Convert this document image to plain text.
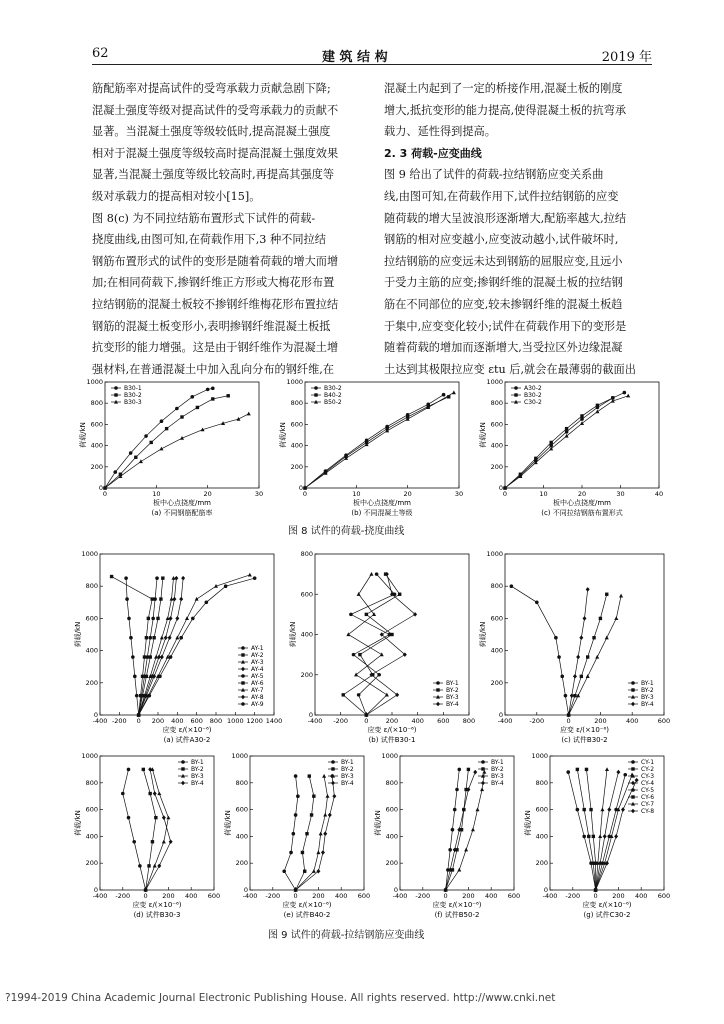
62	建 筑 结 构	2019 年

筋配筋率对提高试件的受弯承载力贡献急剧下降;

混凝土强度等级对提高试件的受弯承载力的贡献不

显著。当混凝土强度等级较低时,提高混凝土强度

相对于混凝土强度等级较高时提高混凝土强度效果

显著,当混凝土强度等级比较高时,再提高其强度等

级对承载力的提高相对较小[15]。

图 8(c) 为不同拉结筋布置形式下试件的荷载-

挠度曲线,由图可知,在荷载作用下,3 种不同拉结

钢筋布置形式的试件的变形是随着荷载的增大而增

加;在相同荷载下,掺钢纤维正方形或大梅花形布置

拉结钢筋的混凝土板较不掺钢纤维梅花形布置拉结

钢筋的混凝土板变形小,表明掺钢纤维混凝土板抵

抗变形的能力增强。这是由于钢纤维作为混凝土增

强材料,在普通混凝土中加入乱向分布的钢纤维,在

混凝土内起到了一定的桥接作用,混凝土板的刚度

增大,抵抗变形的能力提高,使得混凝土板的抗弯承

载力、延性得到提高。

2. 3 荷载-应变曲线

图 9 给出了试件的荷载-拉结钢筋应变关系曲

线,由图可知,在荷载作用下,试件拉结钢筋的应变

随荷载的增大呈波浪形逐渐增大,配筋率越大,拉结

钢筋的相对应变越小,应变波动越小,试件破坏时,

拉结钢筋的应变远未达到钢筋的屈服应变,且远小

于受力主筋的应变;掺钢纤维的混凝土板的拉结钢

筋在不同部位的应变,较未掺钢纤维的混凝土板趋

于集中,应变变化较小;试件在荷载作用下的变形是

随着荷载的增加而逐渐增大,当受拉区外边缘混凝

土达到其极限拉应变 εtu 后,就会在最薄弱的截面出

0	10	20	30
0
200
400
600
800
1000
荷载/kN
板中心点挠度/mm
(a) 不同钢筋配筋率
B30-1
B30-2
B30-3
0	10	20	30
0
200
400
600
800
1000
荷载/kN
板中心点挠度/mm
(b) 不同混凝土等级
B30-2
B40-2
B50-2
0	10	20	30	40
0
200
400
600
800
1000
荷载/kN
板中心点挠度/mm
(c) 不同拉结钢筋布置形式
A30-2
B30-2
C30-2
图 8 试件的荷载-挠度曲线
-400 -200 0 200 400 600 800 1000 1200 1400
0
200
400
600
800
1000
荷载/kN
应变 ε/(×10⁻⁶)
(a) 试件A30-2
AY-1
AY-2
AY-3
AY-4
AY-5
AY-6
AY-7
AY-8
AY-9
-400 -200 0	200 400 600 800
0
200
400
600
800
荷载/kN
应变 ε/(×10⁻⁶)
(b) 试件B30-1
BY-1
BY-2
BY-3
BY-4
-400	-200	0	200	400	600
0
200
400
600
800
1000
荷载/kN
应变 ε/(×10⁻⁶)
(c) 试件B30-2
BY-1
BY-2
BY-3
BY-4
-400 -200 0 200 400 600
0
200
400
600
800
1000
荷载/kN
应变 ε/(×10⁻⁶)
(d) 试件B30-3
BY-1
BY-2
BY-3
BY-4
-400 -200 0 200 400 600
0
200
400
600
800
1000
荷载/kN
应变 ε/(×10⁻⁶)
(e) 试件B40-2
BY-1
BY-2
BY-3
BY-4
-400 -200 0 200 400 600
0
200
400
600
800
1000
荷载/kN
应变 ε/(×10⁻⁶)
(f) 试件B50-2
BY-1
BY-2
BY-3
BY-4
-400 -200 0 200 400 600
0
200
400
600
800
1000
荷载/kN
应变 ε/(×10⁻⁶)
(g) 试件C30-2
CY-1
CY-2
CY-3
CY-4
CY-5
CY-6
CY-7
CY-8
图 9 试件的荷载-拉结钢筋应变曲线
?1994-2019 China Academic Journal Electronic Publishing House. All rights reserved. http://www.cnki.net
